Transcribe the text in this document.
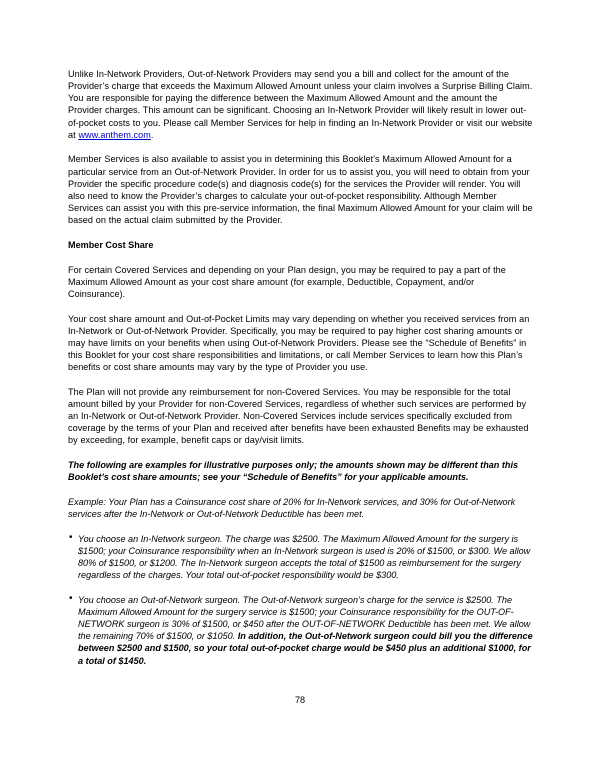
Unlike In-Network Providers, Out-of-Network Providers may send you a bill and collect for the amount of the Provider’s charge that exceeds the Maximum Allowed Amount unless your claim involves a Surprise Billing Claim. You are responsible for paying the difference between the Maximum Allowed Amount and the amount the Provider charges. This amount can be significant. Choosing an In-Network Provider will likely result in lower out-of-pocket costs to you. Please call Member Services for help in finding an In-Network Provider or visit our website at www.anthem.com.

Member Services is also available to assist you in determining this Booklet’s Maximum Allowed Amount for a particular service from an Out-of-Network Provider. In order for us to assist you, you will need to obtain from your Provider the specific procedure code(s) and diagnosis code(s) for the services the Provider will render. You will also need to know the Provider’s charges to calculate your out-of-pocket responsibility. Although Member Services can assist you with this pre-service information, the final Maximum Allowed Amount for your claim will be based on the actual claim submitted by the Provider.

Member Cost Share

For certain Covered Services and depending on your Plan design, you may be required to pay a part of the Maximum Allowed Amount as your cost share amount (for example, Deductible, Copayment, and/or Coinsurance).

Your cost share amount and Out-of-Pocket Limits may vary depending on whether you received services from an In-Network or Out-of-Network Provider. Specifically, you may be required to pay higher cost sharing amounts or may have limits on your benefits when using Out-of-Network Providers. Please see the “Schedule of Benefits” in this Booklet for your cost share responsibilities and limitations, or call Member Services to learn how this Plan’s benefits or cost share amounts may vary by the type of Provider you use.

The Plan will not provide any reimbursement for non-Covered Services. You may be responsible for the total amount billed by your Provider for non-Covered Services, regardless of whether such services are performed by an In-Network or Out-of-Network Provider. Non-Covered Services include services specifically excluded from coverage by the terms of your Plan and received after benefits have been exhausted Benefits may be exhausted by exceeding, for example, benefit caps or day/visit limits.

The following are examples for illustrative purposes only; the amounts shown may be different than this Booklet’s cost share amounts; see your “Schedule of Benefits” for your applicable amounts.

Example: Your Plan has a Coinsurance cost share of 20% for In-Network services, and 30% for Out-of-Network services after the In-Network or Out-of-Network Deductible has been met.

• You choose an In-Network surgeon. The charge was $2500. The Maximum Allowed Amount for the surgery is $1500; your Coinsurance responsibility when an In-Network surgeon is used is 20% of $1500, or $300. We allow 80% of $1500, or $1200. The In-Network surgeon accepts the total of $1500 as reimbursement for the surgery regardless of the charges. Your total out-of-pocket responsibility would be $300.
• You choose an Out-of-Network surgeon. The Out-of-Network surgeon’s charge for the service is $2500. The Maximum Allowed Amount for the surgery service is $1500; your Coinsurance responsibility for the OUT-OF-NETWORK surgeon is 30% of $1500, or $450 after the OUT-OF-NETWORK Deductible has been met. We allow the remaining 70% of $1500, or $1050. In addition, the Out-of-Network surgeon could bill you the difference between $2500 and $1500, so your total out-of-pocket charge would be $450 plus an additional $1000, for a total of $1450.
78
